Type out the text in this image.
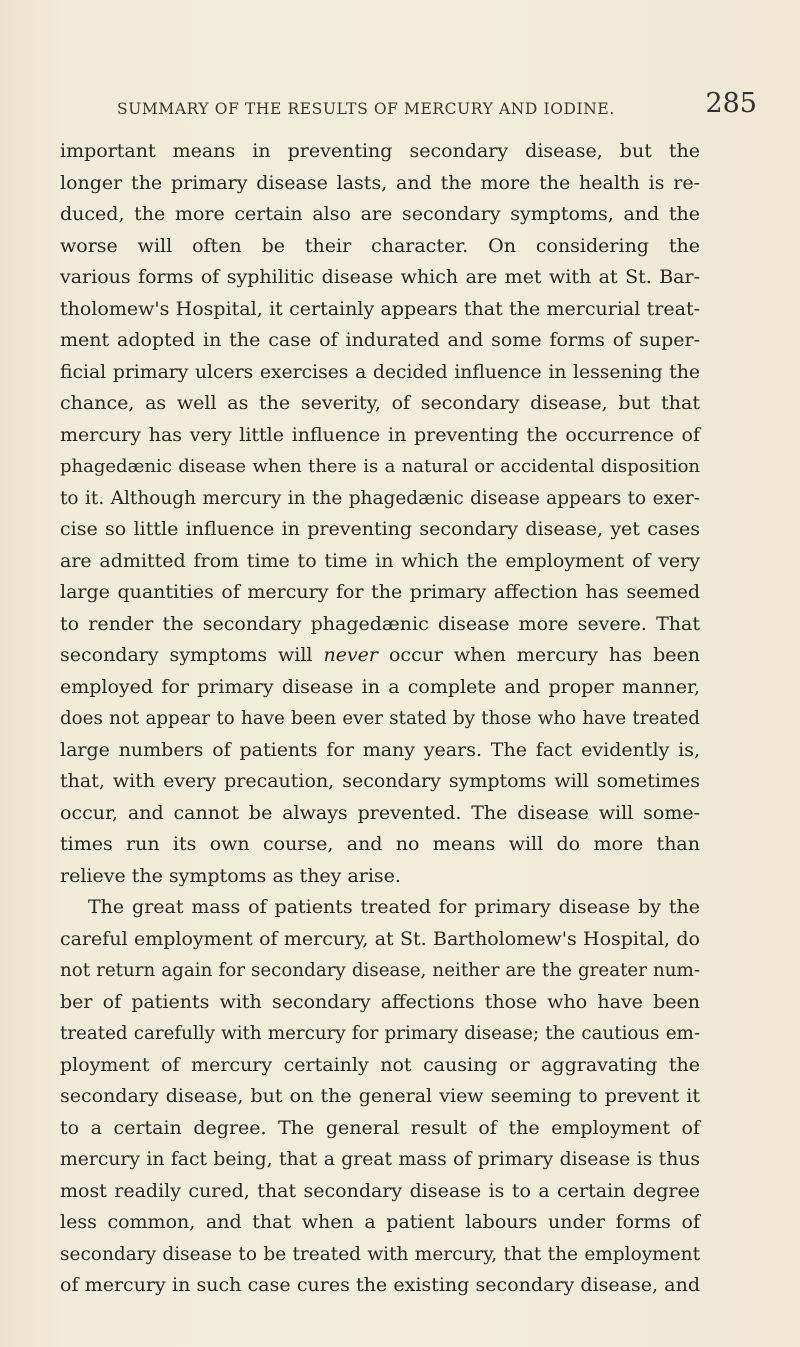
SUMMARY OF THE RESULTS OF MERCURY AND IODINE.	285
important means in preventing secondary disease, but the
longer the primary disease lasts, and the more the health is re-
duced, the more certain also are secondary symptoms, and the
worse will often be their character. On considering the
various forms of syphilitic disease which are met with at St. Bar-
tholomew's Hospital, it certainly appears that the mercurial treat-
ment adopted in the case of indurated and some forms of super-
ficial primary ulcers exercises a decided influence in lessening the
chance, as well as the severity, of secondary disease, but that
mercury has very little influence in preventing the occurrence of
phagedænic disease when there is a natural or accidental disposition
to it. Although mercury in the phagedænic disease appears to exer-
cise so little influence in preventing secondary disease, yet cases
are admitted from time to time in which the employment of very
large quantities of mercury for the primary affection has seemed
to render the secondary phagedænic disease more severe. That
secondary symptoms will never occur when mercury has been
employed for primary disease in a complete and proper manner,
does not appear to have been ever stated by those who have treated
large numbers of patients for many years. The fact evidently is,
that, with every precaution, secondary symptoms will sometimes
occur, and cannot be always prevented. The disease will some-
times run its own course, and no means will do more than
relieve the symptoms as they arise.
The great mass of patients treated for primary disease by the
careful employment of mercury, at St. Bartholomew's Hospital, do
not return again for secondary disease, neither are the greater num-
ber of patients with secondary affections those who have been
treated carefully with mercury for primary disease; the cautious em-
ployment of mercury certainly not causing or aggravating the
secondary disease, but on the general view seeming to prevent it
to a certain degree. The general result of the employment of
mercury in fact being, that a great mass of primary disease is thus
most readily cured, that secondary disease is to a certain degree
less common, and that when a patient labours under forms of
secondary disease to be treated with mercury, that the employment
of mercury in such case cures the existing secondary disease, and
